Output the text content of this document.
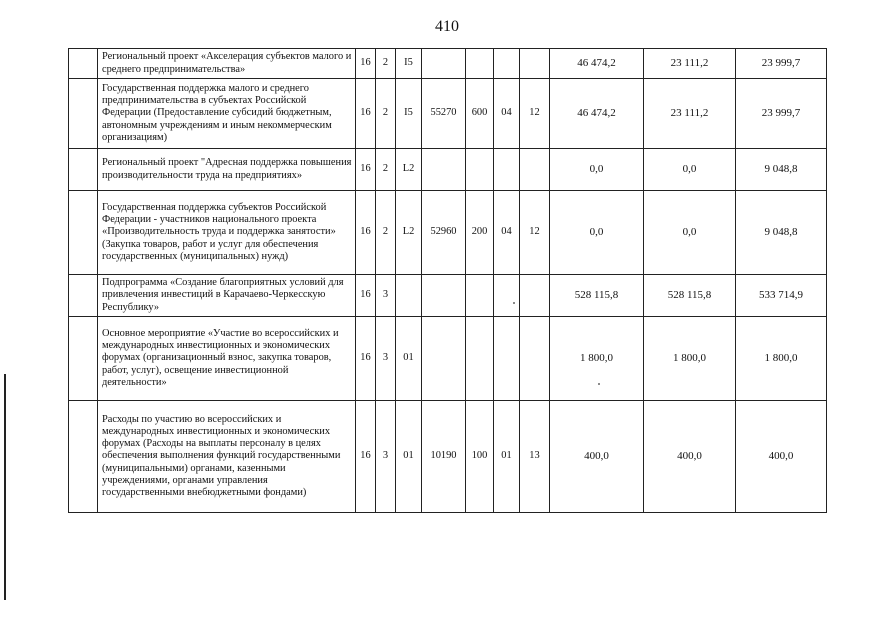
410
	Региональный проект «Акселерация субъектов малого и среднего предпринимательства»	16	2	I5					46 474,2	23 111,2	23 999,7
	Государственная поддержка малого и среднего предпринимательства в субъектах Российской Федерации (Предоставление субсидий бюджетным, автономным учреждениям и иным некоммерческим организациям)	16	2	I5	55270	600	04	12	46 474,2	23 111,2	23 999,7
	Региональный проект "Адресная поддержка повышения производительности труда на предприятиях»	16	2	L2					0,0	0,0	9 048,8
	Государственная поддержка субъектов Российской Федерации - участников национального проекта «Производительность труда и поддержка занятости» (Закупка товаров, работ и услуг для обеспечения государственных (муниципальных) нужд)	16	2	L2	52960	200	04	12	0,0	0,0	9 048,8
	Подпрограмма «Создание благоприятных условий для привлечения инвестиций в Карачаево-Черкесскую Республику»	16	3						528 115,8	528 115,8	533 714,9
	Основное мероприятие «Участие во всероссийских и международных инвестиционных и экономических форумах (организационный взнос, закупка товаров, работ, услуг), освещение инвестиционной деятельности»	16	3	01					1 800,0	1 800,0	1 800,0
	Расходы по участию во всероссийских и международных инвестиционных и экономических форумах (Расходы на выплаты персоналу в целях обеспечения выполнения функций государственными (муниципальными) органами, казенными учреждениями, органами управления государственными внебюджетными фондами)	16	3	01	10190	100	01	13	400,0	400,0	400,0
